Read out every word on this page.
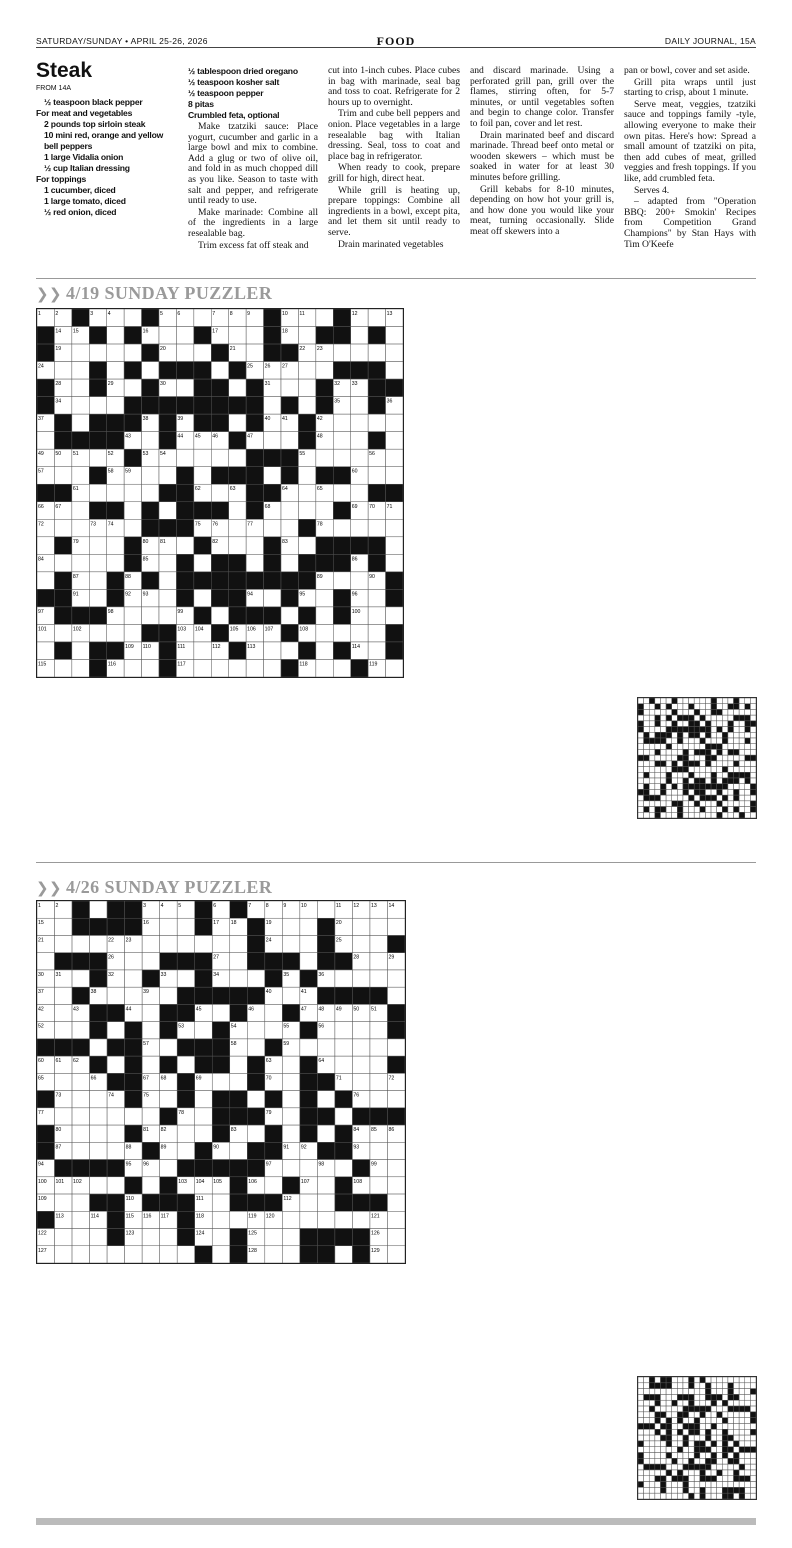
SATURDAY/SUNDAY • APRIL 25-26, 2026	FOOD	DAILY JOURNAL, 15A
Steak
FROM 14A
½ teaspoon black pepper
For meat and vegetables
2 pounds top sirloin steak
10 mini red, orange and yellow
bell peppers
1 large Vidalia onion
½ cup Italian dressing
For toppings
1 cucumber, diced
1 large tomato, diced
½ red onion, diced
½ tablespoon dried oregano
½ teaspoon kosher salt
½ teaspoon pepper
8 pitas
Crumbled feta, optional

Make tzatziki sauce: Place yogurt, cucumber and garlic in a large bowl and mix to combine. Add a glug or two of olive oil, and fold in as much chopped dill as you like. Season to taste with salt and pepper, and refrigerate until ready to use.

Make marinade: Combine all of the ingredients in a large resealable bag.

Trim excess fat off steak and

cut into 1-inch cubes. Place cubes in bag with marinade, seal bag and toss to coat. Refrigerate for 2 hours up to overnight.

Trim and cube bell peppers and onion. Place vegetables in a large resealable bag with Italian dressing. Seal, toss to coat and place bag in refrigerator.

When ready to cook, prepare grill for high, direct heat.

While grill is heating up, prepare toppings: Combine all ingredients in a bowl, except pita, and let them sit until ready to serve.

Drain marinated vegetables

and discard marinade. Using a perforated grill pan, grill over the flames, stirring often, for 5-7 minutes, or until vegetables soften and begin to change color. Transfer to foil pan, cover and let rest.

Drain marinated beef and discard marinade. Thread beef onto metal or wooden skewers – which must be soaked in water for at least 30 minutes before grilling.

Grill kebabs for 8-10 minutes, depending on how hot your grill is, and how done you would like your meat, turning occasionally. Slide meat off skewers into a

pan or bowl, cover and set aside.

Grill pita wraps until just starting to crisp, about 1 minute.

Serve meat, veggies, tzatziki sauce and toppings family -tyle, allowing everyone to make their own pitas. Here's how: Spread a small amount of tzatziki on pita, then add cubes of meat, grilled veggies and fresh toppings. If you like, add crumbled feta.

Serves 4.

– adapted from "Operation BBQ: 200+ Smokin' Recipes from Competition Grand Champions" by Stan Hays with Tim O'Keefe

❯❯ 4/19 SUNDAY PUZZLER
1	2	3	4	5	6	7	8	9	10 11	12	13
14 15	16	17	18
19	20	21	22 23
24	25 26 27
28	29	30	31	32 33
34	35	36
37	38	39	40 41	42
43	44 45 46	47	48
49 50 51	52	53 54	55	56
57	58 59	60
61	62	63	64	65
66 67	68	69 70 71
72	73 74	75 76	77	78
79	80 81	82	83
84	85	86
87	88	89	90
91	92 93	94	95	96
97	98	99	100
101	102	103 104	105 106 107	108
109 110	111	112	113	114
115	116	117	118	119
❯❯ 4/26 SUNDAY PUZZLER
1	2	3	4	5	6	7	8	9	10	11 12 13 14
15	16	17 18	19	20
21	22 23	24	25
26	27	28	29
30 31	32	33	34	35	36
37	38	39	40	41
42	43	44	45	46	47 48 49 50 51
52	53	54	55	56
57	58	59
60 61 62	63	64
65	66	67 68	69	70	71	72
73	74	75	76
77	78	79
80	81 82	83	84 85 86
87	88	89	90	91 92	93
94	95 96	97	98	99
100 101 102	103 104 105	106	107	108
109	110	111	112
113	114	115 116 117	118	119 120	121
122	123	124	125	126
127	128	129
